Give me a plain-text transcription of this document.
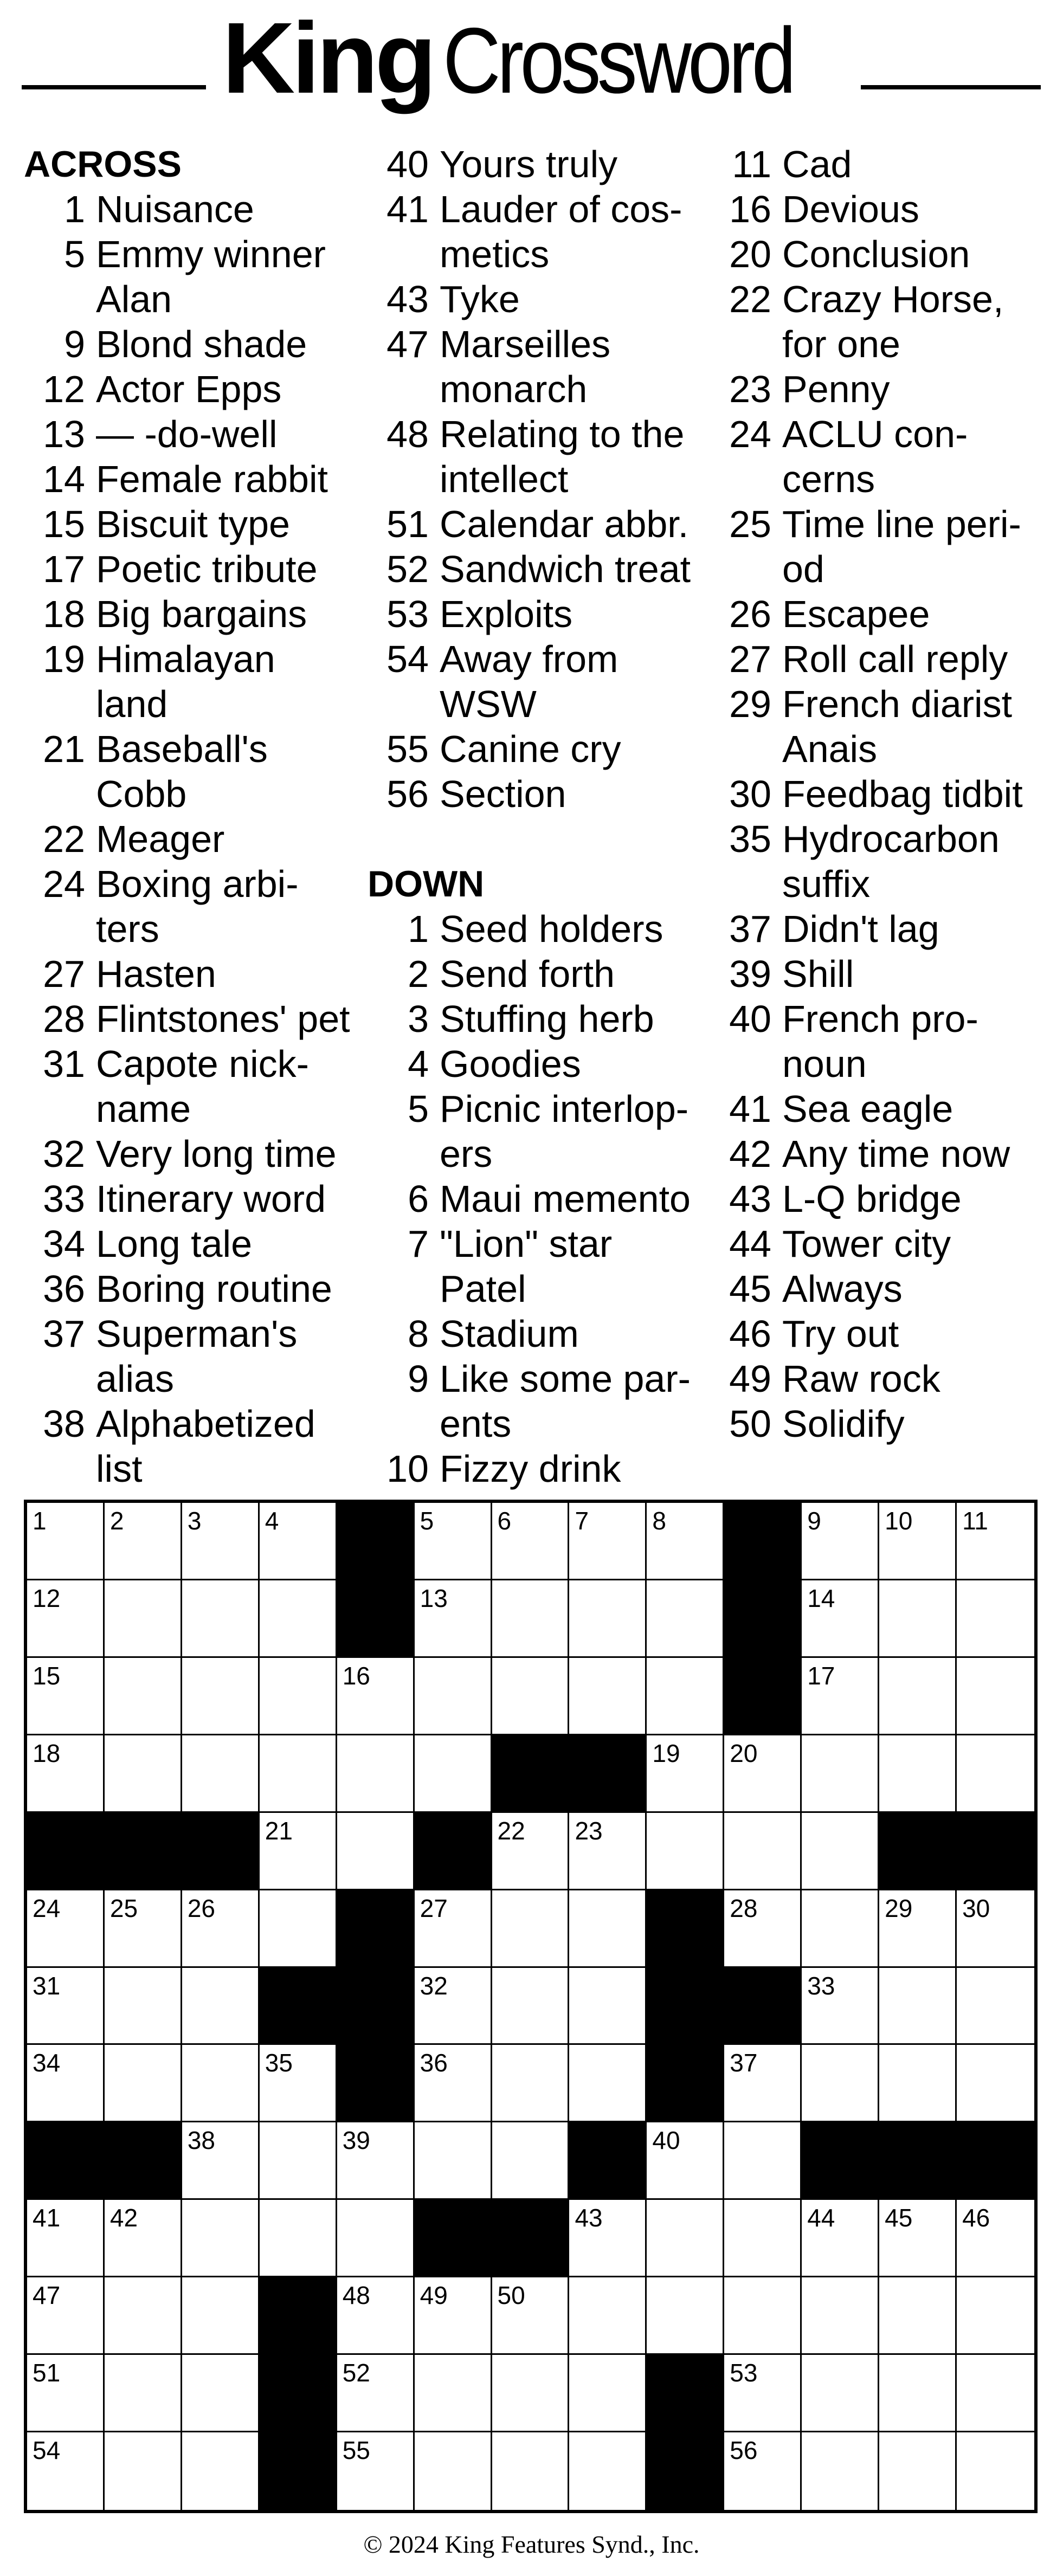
King Crossword
ACROSS
1 Nuisance
5 Emmy winner
Alan
9 Blond shade
12 Actor Epps
13 — -do-well
14 Female rabbit
15 Biscuit type
17 Poetic tribute
18 Big bargains
19 Himalayan
land
21 Baseball's
Cobb
22 Meager
24 Boxing arbi-
ters
27 Hasten
28 Flintstones' pet
31 Capote nick-
name
32 Very long time
33 Itinerary word
34 Long tale
36 Boring routine
37 Superman's
alias
38 Alphabetized
list
40 Yours truly
41 Lauder of cos-
metics
43 Tyke
47 Marseilles
monarch
48 Relating to the
intellect
51 Calendar abbr.
52 Sandwich treat
53 Exploits
54 Away from
WSW
55 Canine cry
56 Section
DOWN
1 Seed holders
2 Send forth
3 Stuffing herb
4 Goodies
5 Picnic interlop-
ers
6 Maui memento
7 "Lion" star
Patel
8 Stadium
9 Like some par-
ents
10 Fizzy drink
11 Cad
16 Devious
20 Conclusion
22 Crazy Horse,
for one
23 Penny
24 ACLU con-
cerns
25 Time line peri-
od
26 Escapee
27 Roll call reply
29 French diarist
Anais
30 Feedbag tidbit
35 Hydrocarbon
suffix
37 Didn't lag
39 Shill
40 French pro-
noun
41 Sea eagle
42 Any time now
43 L-Q bridge
44 Tower city
45 Always
46 Try out
49 Raw rock
50 Solidify
1	2	3	4	5	6	7	8	9	10 11
12	13	14
15	16	17
18	19 20
21	22 23
24 25 26	27	28	29 30
31	32	33
34	35	36	37
38	39	40
41 42	43	44 45 46
47	48 49 50
51	52	53
54	55	56
© 2024 King Features Synd., Inc.
